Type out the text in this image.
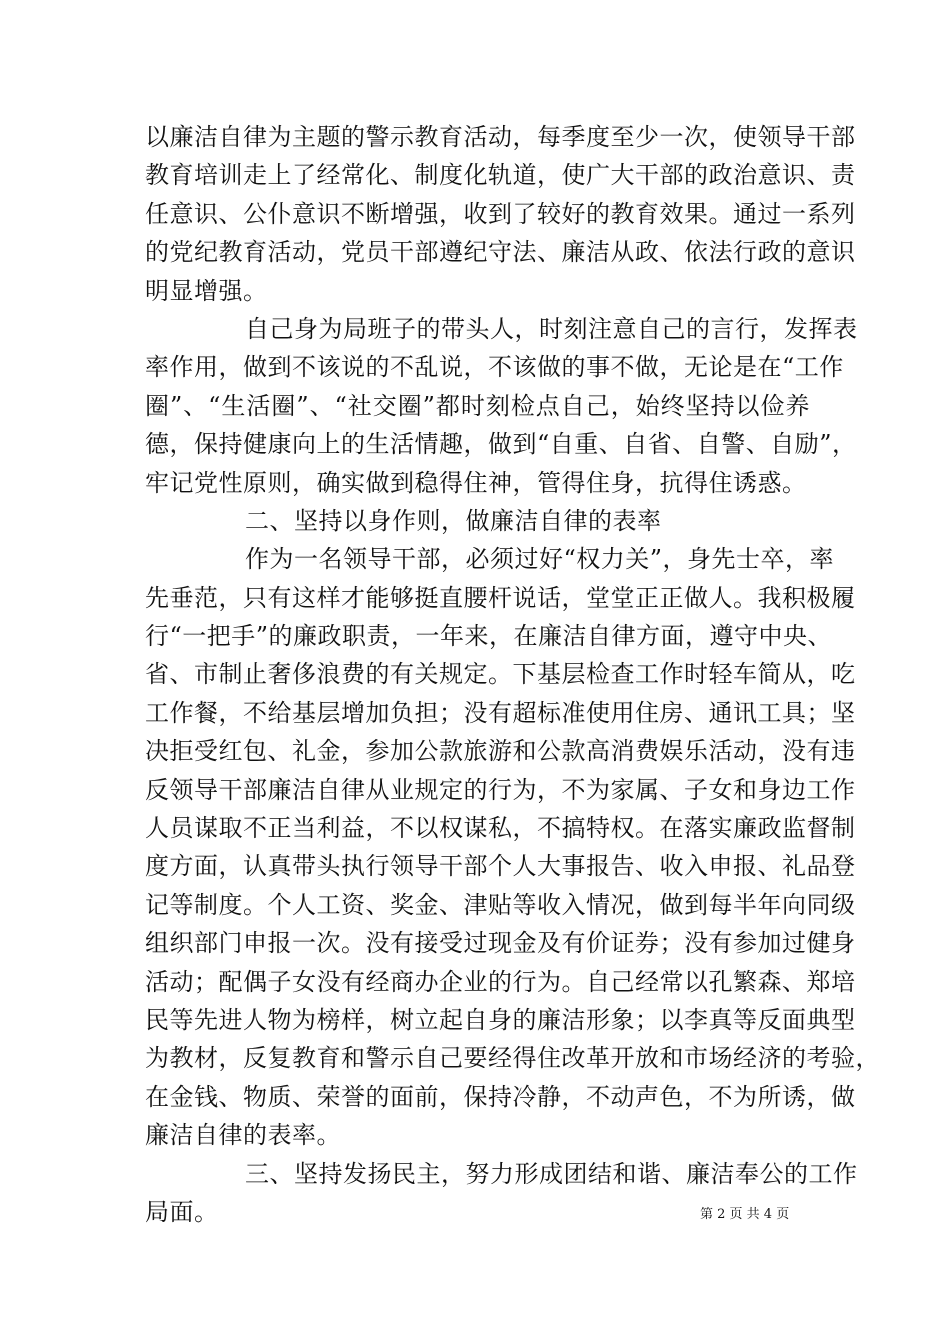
以廉洁自律为主题的警示教育活动，每季度至少一次，使领导干部
教育培训走上了经常化、制度化轨道，使广大干部的政治意识、责
任意识、公仆意识不断增强，收到了较好的教育效果。通过一系列
的党纪教育活动，党员干部遵纪守法、廉洁从政、依法行政的意识
明显增强。
自己身为局班子的带头人，时刻注意自己的言行，发挥表
率作用，做到不该说的不乱说，不该做的事不做，无论是在“工作
圈”、“生活圈”、“社交圈”都时刻检点自己，始终坚持以俭养
德，保持健康向上的生活情趣，做到“自重、自省、自警、自励”，
牢记党性原则，确实做到稳得住神，管得住身，抗得住诱惑。
二、坚持以身作则，做廉洁自律的表率
作为一名领导干部，必须过好“权力关”，身先士卒，率
先垂范，只有这样才能够挺直腰杆说话，堂堂正正做人。我积极履
行“一把手”的廉政职责，一年来，在廉洁自律方面，遵守中央、
省、市制止奢侈浪费的有关规定。下基层检查工作时轻车简从，吃
工作餐，不给基层增加负担；没有超标准使用住房、通讯工具；坚
决拒受红包、礼金，参加公款旅游和公款高消费娱乐活动，没有违
反领导干部廉洁自律从业规定的行为，不为家属、子女和身边工作
人员谋取不正当利益，不以权谋私，不搞特权。在落实廉政监督制
度方面，认真带头执行领导干部个人大事报告、收入申报、礼品登
记等制度。个人工资、奖金、津贴等收入情况，做到每半年向同级
组织部门申报一次。没有接受过现金及有价证券；没有参加过健身
活动；配偶子女没有经商办企业的行为。自己经常以孔繁森、郑培
民等先进人物为榜样，树立起自身的廉洁形象；以李真等反面典型
为教材，反复教育和警示自己要经得住改革开放和市场经济的考验，
在金钱、物质、荣誉的面前，保持冷静，不动声色，不为所诱，做
廉洁自律的表率。
三、坚持发扬民主，努力形成团结和谐、廉洁奉公的工作
局面。	第 2 页 共 4 页
